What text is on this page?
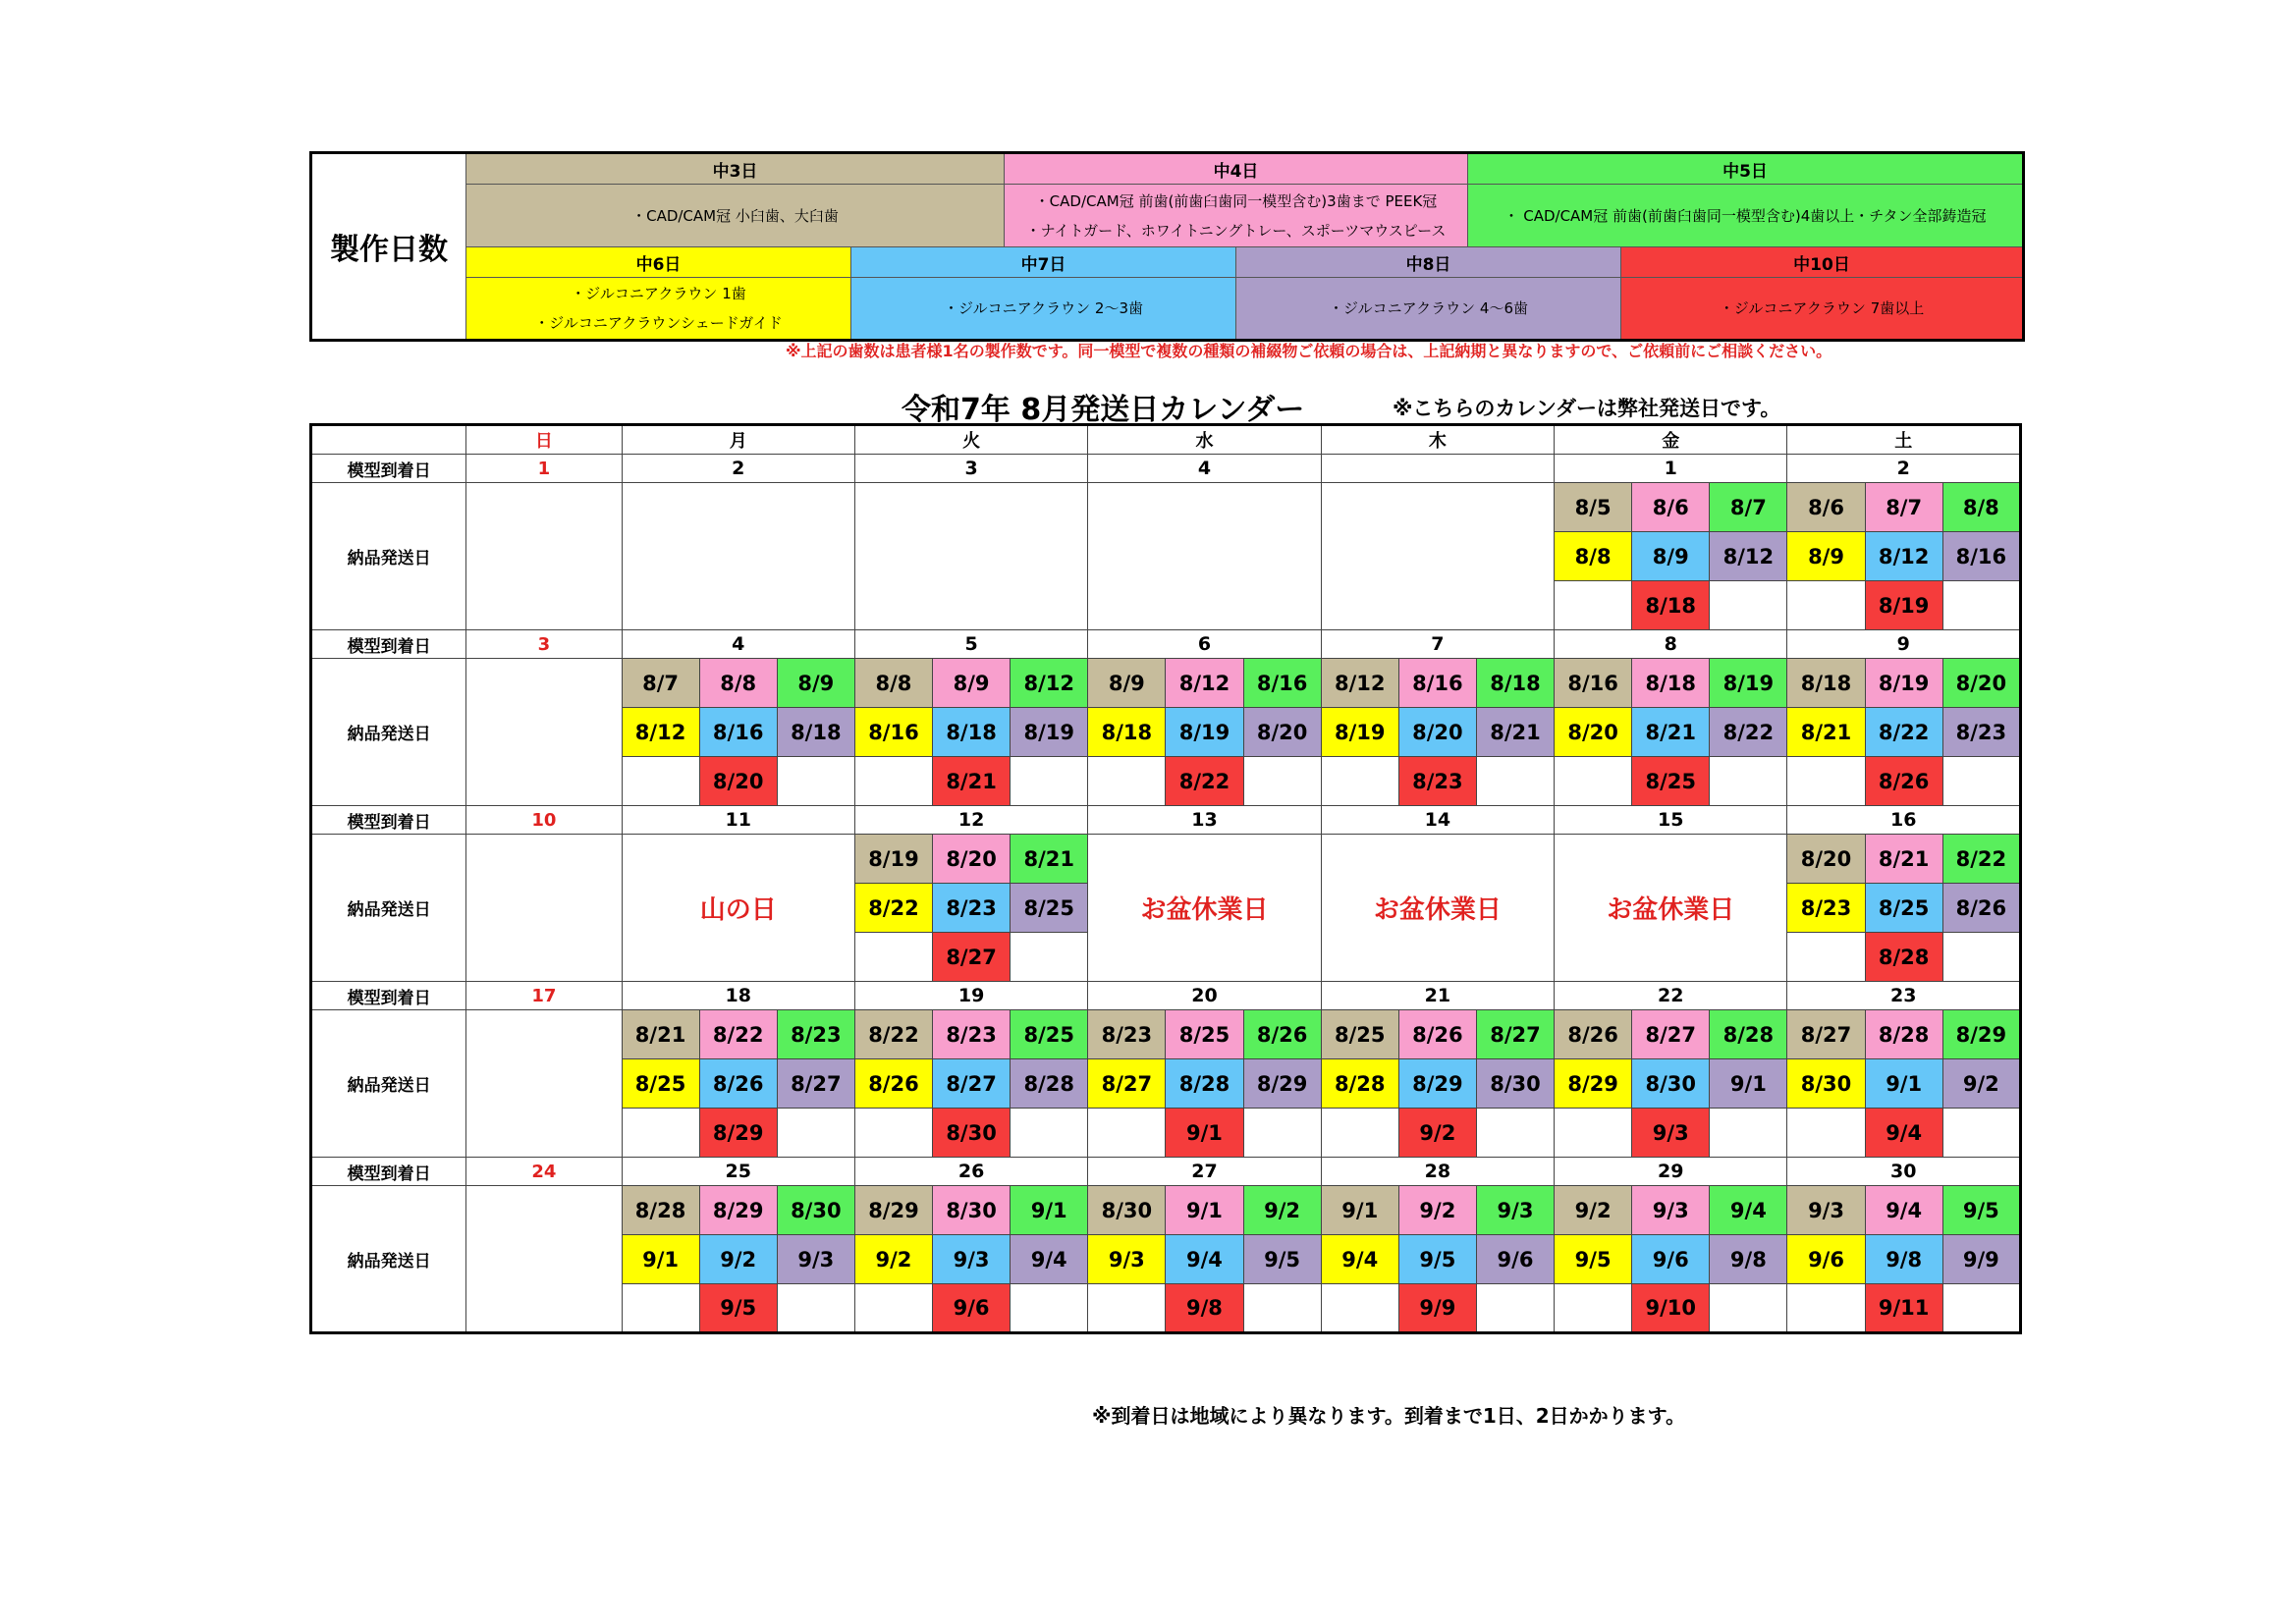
製作日数	中3日		中4日		中5日	

	・CAD/CAM冠 小臼歯、大臼歯		・CAD/CAM冠 前歯(前歯臼歯同一模型含む)3歯まで PEEK冠
・ナイトガード、ホワイトニングトレー、スポーツマウスピース		・ CAD/CAM冠 前歯(前歯臼歯同一模型含む)4歯以上・チタン全部鋳造冠	

	中6日	中7日		中8日		中10日

	・ジルコニアクラウン 1歯
・ジルコニアクラウンシェードガイド	・ジルコニアクラウン 2～3歯		・ジルコニアクラウン 4～6歯		・ジルコニアクラウン 7歯以上
※上記の歯数は患者様1名の製作数です。同一模型で複数の種類の補綴物ご依頼の場合は、上記納期と異なりますので、ご依頼前にご相談ください。
令和7年 8月発送日カレンダー	※こちらのカレンダーは弊社発送日です。
	日	月			火			水			木			金			土		
模型到着日	1	2			3			4						1			2		
納品発送日														8/5	8/6	8/7	8/6	8/7	8/8
														8/8	8/9	8/12	8/9	8/12	8/16
															8/18			8/19	
模型到着日	3	4			5			6			7			8			9		
納品発送日		8/7	8/8	8/9	8/8	8/9	8/12	8/9	8/12	8/16	8/12	8/16	8/18	8/16	8/18	8/19	8/18	8/19	8/20
		8/12	8/16	8/18	8/16	8/18	8/19	8/18	8/19	8/20	8/19	8/20	8/21	8/20	8/21	8/22	8/21	8/22	8/23
			8/20			8/21			8/22			8/23			8/25			8/26	
模型到着日	10	11			12			13			14			15			16		
納品発送日		山の日			8/19	8/20	8/21	お盆休業日			お盆休業日			お盆休業日			8/20	8/21	8/22
					8/22	8/23	8/25										8/23	8/25	8/26
						8/27												8/28	
模型到着日	17	18			19			20			21			22			23		
納品発送日		8/21	8/22	8/23	8/22	8/23	8/25	8/23	8/25	8/26	8/25	8/26	8/27	8/26	8/27	8/28	8/27	8/28	8/29
		8/25	8/26	8/27	8/26	8/27	8/28	8/27	8/28	8/29	8/28	8/29	8/30	8/29	8/30	9/1	8/30	9/1	9/2
			8/29			8/30			9/1			9/2			9/3			9/4	
模型到着日	24	25			26			27			28			29			30		
納品発送日		8/28	8/29	8/30	8/29	8/30	9/1	8/30	9/1	9/2	9/1	9/2	9/3	9/2	9/3	9/4	9/3	9/4	9/5
		9/1	9/2	9/3	9/2	9/3	9/4	9/3	9/4	9/5	9/4	9/5	9/6	9/5	9/6	9/8	9/6	9/8	9/9
			9/5			9/6			9/8			9/9			9/10			9/11	
※到着日は地域により異なります。到着まで1日、2日かかります。
